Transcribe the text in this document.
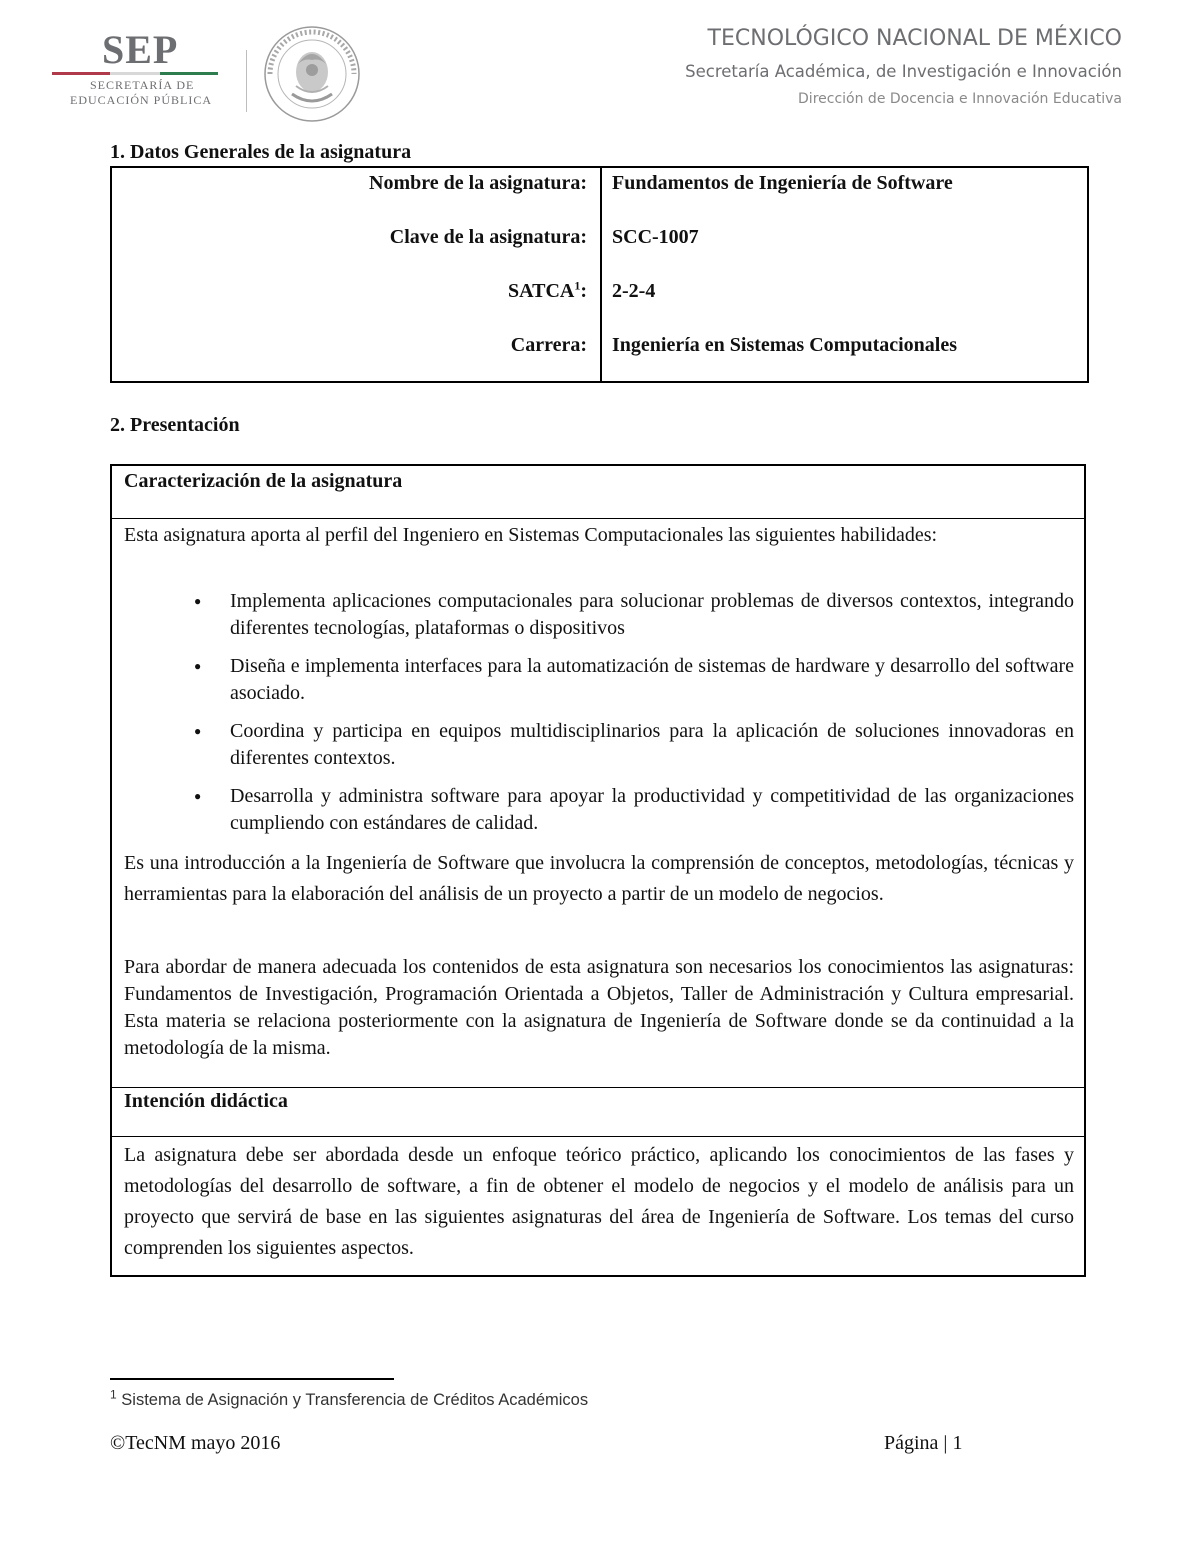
SEP
SECRETARÍA DE
EDUCACIÓN PÚBLICA
TECNOLÓGICO NACIONAL DE MÉXICO
Secretaría Académica, de Investigación e Innovación
Dirección de Docencia e Innovación Educativa
1. Datos Generales de la asignatura
Nombre de la asignatura: Fundamentos de Ingeniería de Software
Clave de la asignatura: SCC-1007
SATCA$^1$: 2-2-4
Carrera: Ingeniería en Sistemas Computacionales
2. Presentación
Caracterización de la asignatura
Esta asignatura aporta al perfil del Ingeniero en Sistemas Computacionales las siguientes habilidades:
● Implementa aplicaciones computacionales para solucionar problemas de diversos contextos, integrando diferentes tecnologías, plataformas o dispositivos
● Diseña e implementa interfaces para la automatización de sistemas de hardware y desarrollo del software asociado.
● Coordina y participa en equipos multidisciplinarios para la aplicación de soluciones innovadoras en diferentes contextos.
● Desarrolla y administra software para apoyar la productividad y competitividad de las organizaciones cumpliendo con estándares de calidad.
Es una introducción a la Ingeniería de Software que involucra la comprensión de conceptos, metodologías, técnicas y herramientas para la elaboración del análisis de un proyecto a partir de un modelo de negocios.
Para abordar de manera adecuada los contenidos de esta asignatura son necesarios los conocimientos las asignaturas: Fundamentos de Investigación, Programación Orientada a Objetos, Taller de Administración y Cultura empresarial. Esta materia se relaciona posteriormente con la asignatura de Ingeniería de Software donde se da continuidad a la metodología de la misma.
Intención didáctica
La asignatura debe ser abordada desde un enfoque teórico práctico, aplicando los conocimientos de las fases y metodologías del desarrollo de software, a fin de obtener el modelo de negocios y el modelo de análisis para un proyecto que servirá de base en las siguientes asignaturas del área de Ingeniería de Software. Los temas del curso comprenden los siguientes aspectos.
$^1$ Sistema de Asignación y Transferencia de Créditos Académicos
©TecNM mayo 2016	Página | 1
